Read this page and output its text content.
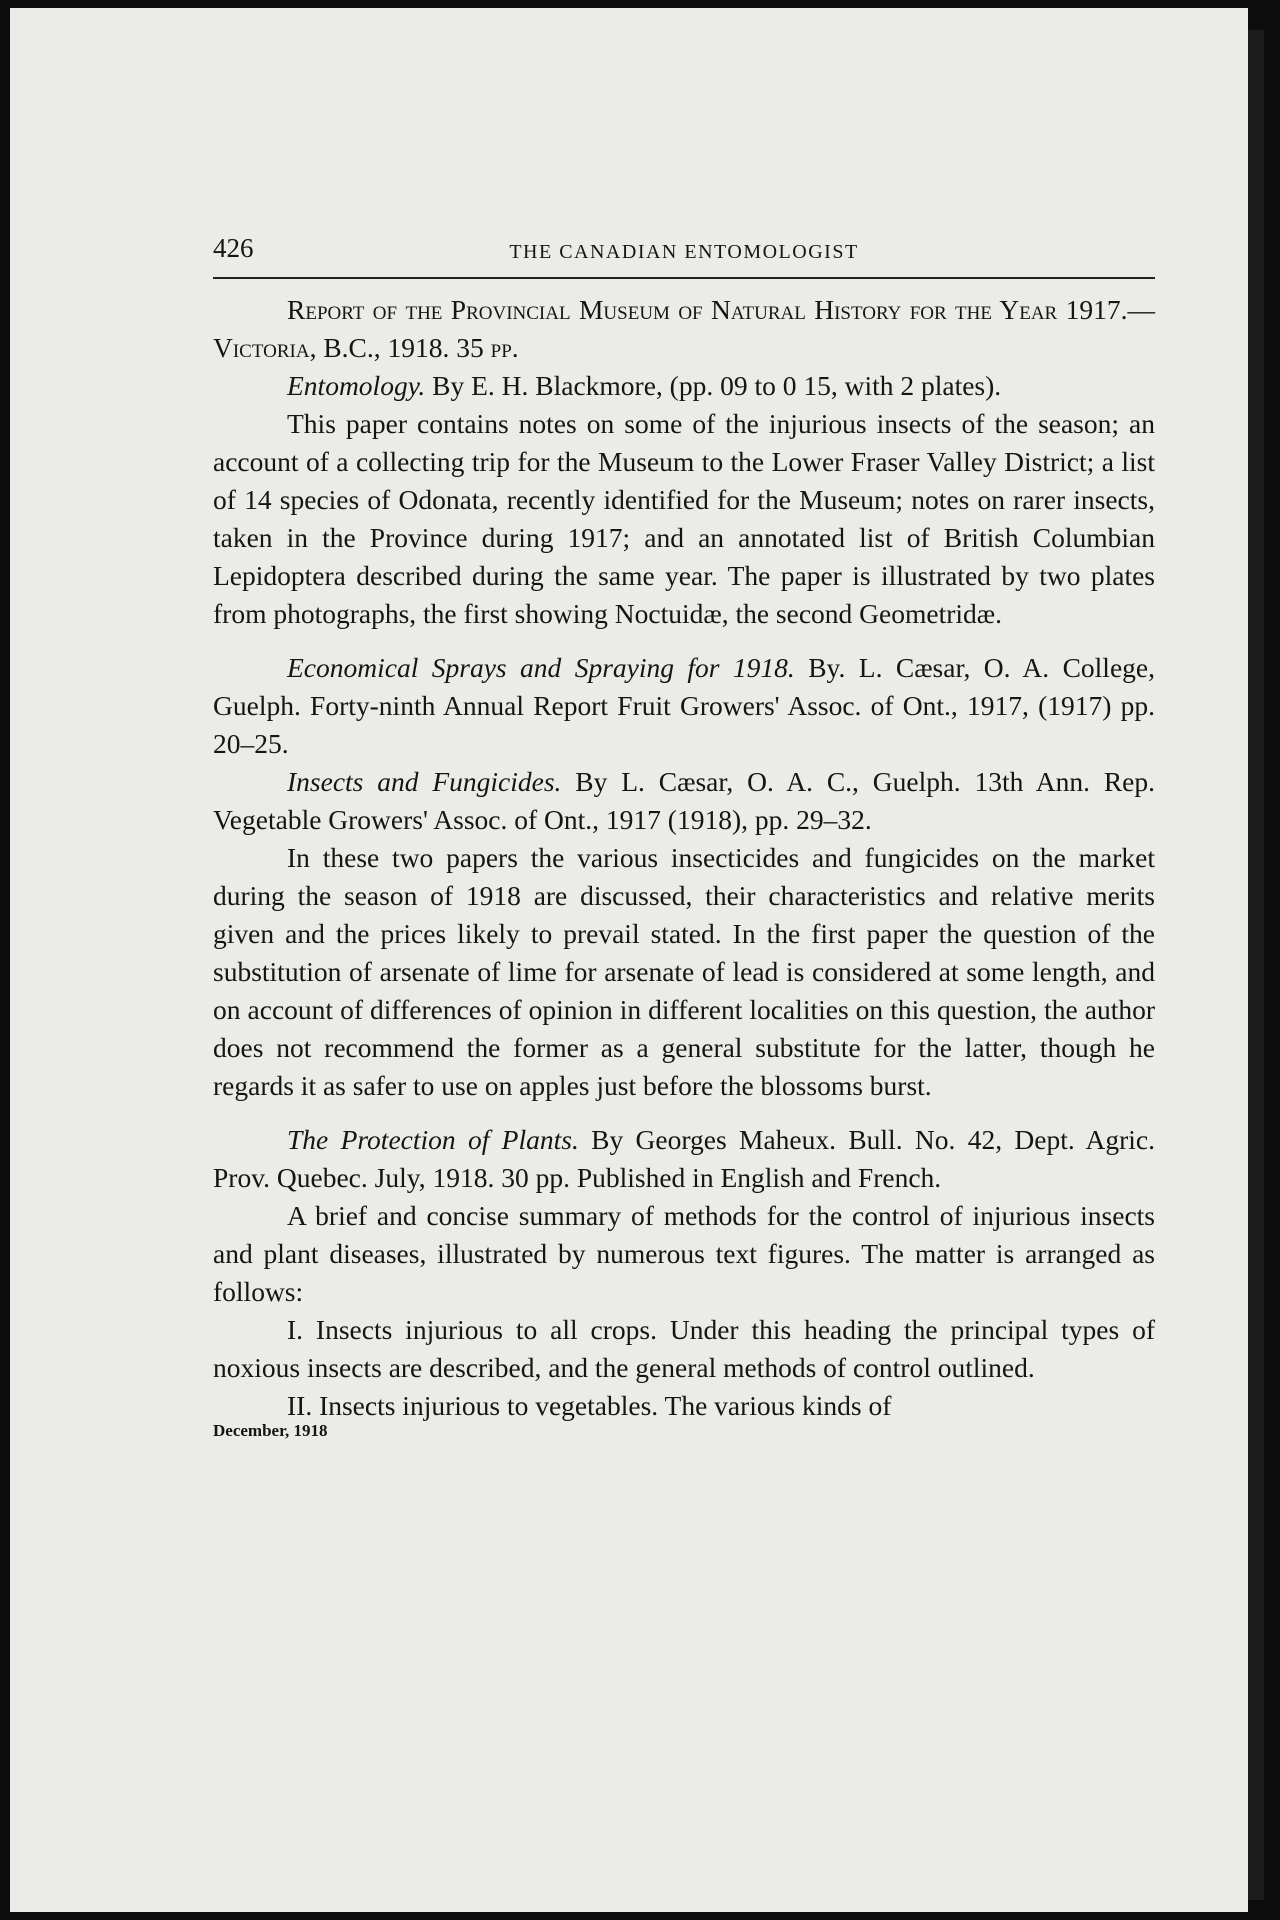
426	THE CANADIAN ENTOMOLOGIST

Report of the Provincial Museum of Natural History for the Year 1917.—Victoria, B.C., 1918. 35 pp.

Entomology. By E. H. Blackmore, (pp. 09 to 0 15, with 2 plates).

This paper contains notes on some of the injurious insects of the season; an account of a collecting trip for the Museum to the Lower Fraser Valley District; a list of 14 species of Odonata, recently identified for the Museum; notes on rarer insects, taken in the Province during 1917; and an annotated list of British Columbian Lepidoptera described during the same year. The paper is illustrated by two plates from photographs, the first showing Noctuidæ, the second Geometridæ.

Economical Sprays and Spraying for 1918. By. L. Cæsar, O. A. College, Guelph. Forty-ninth Annual Report Fruit Growers' Assoc. of Ont., 1917, (1917) pp. 20–25.

Insects and Fungicides. By L. Cæsar, O. A. C., Guelph. 13th Ann. Rep. Vegetable Growers' Assoc. of Ont., 1917 (1918), pp. 29–32.

In these two papers the various insecticides and fungicides on the market during the season of 1918 are discussed, their characteristics and relative merits given and the prices likely to prevail stated. In the first paper the question of the substitution of arsenate of lime for arsenate of lead is considered at some length, and on account of differences of opinion in different localities on this question, the author does not recommend the former as a general substitute for the latter, though he regards it as safer to use on apples just before the blossoms burst.

The Protection of Plants. By Georges Maheux. Bull. No. 42, Dept. Agric. Prov. Quebec. July, 1918. 30 pp. Published in English and French.

A brief and concise summary of methods for the control of injurious insects and plant diseases, illustrated by numerous text figures. The matter is arranged as follows:

I. Insects injurious to all crops. Under this heading the principal types of noxious insects are described, and the general methods of control outlined.

II. Insects injurious to vegetables. The various kinds of

December, 1918
